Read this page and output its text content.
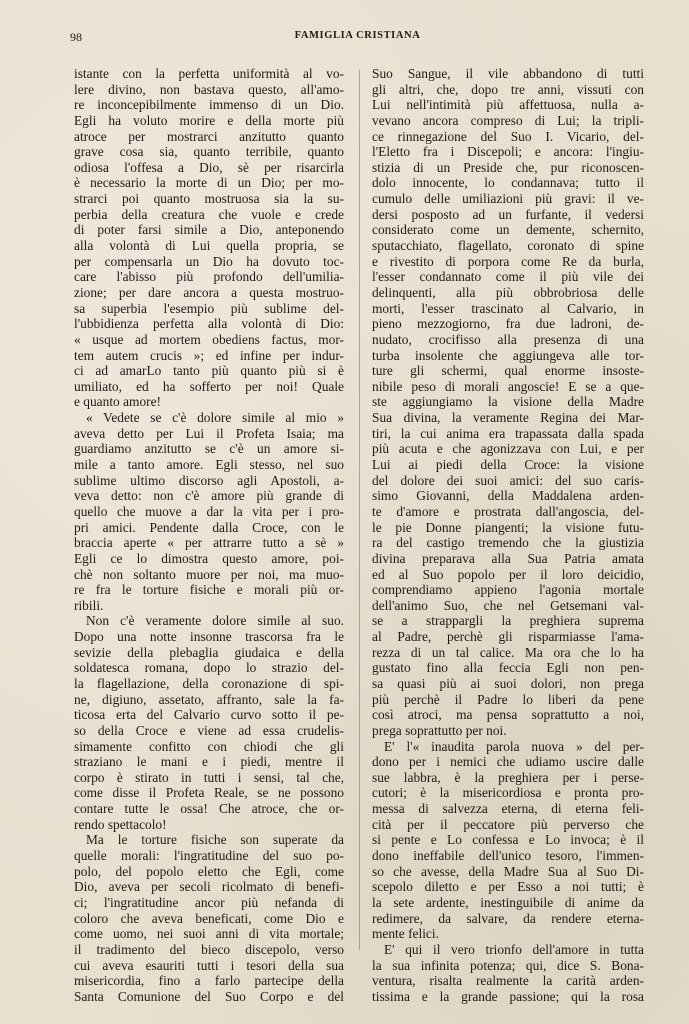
98	FAMIGLIA CRISTIANA
istante con la perfetta uniformità al vo-
lere divino, non bastava questo, all'amo-
re inconcepibilmente immenso di un Dio.
Egli ha voluto morire e della morte più
atroce per mostrarci anzitutto quanto
grave cosa sia, quanto terribile, quanto
odiosa l'offesa a Dio, sè per risarcirla
è necessario la morte di un Dio; per mo-
strarci poi quanto mostruosa sia la su-
perbia della creatura che vuole e crede
di poter farsi simile a Dio, anteponendo
alla volontà di Lui quella propria, se
per compensarla un Dio ha dovuto toc-
care l'abisso più profondo dell'umilia-
zione; per dare ancora a questa mostruo-
sa superbia l'esempio più sublime del-
l'ubbidienza perfetta alla volontà di Dio:
« usque ad mortem obediens factus, mor-
tem autem crucis »; ed infine per indur-
ci ad amarLo tanto più quanto più si è
umiliato, ed ha sofferto per noi! Quale
e quanto amore!
« Vedete se c'è dolore simile al mio »
aveva detto per Lui il Profeta Isaia; ma
guardiamo anzitutto se c'è un amore si-
mile a tanto amore. Egli stesso, nel suo
sublime ultimo discorso agli Apostoli, a-
veva detto: non c'è amore più grande di
quello che muove a dar la vita per i pro-
pri amici. Pendente dalla Croce, con le
braccia aperte « per attrarre tutto a sè »
Egli ce lo dimostra questo amore, poi-
chè non soltanto muore per noi, ma muo-
re fra le torture fisiche e morali più or-
ribili.
Non c'è veramente dolore simile al suo.
Dopo una notte insonne trascorsa fra le
sevizie della plebaglia giudaica e della
soldatesca romana, dopo lo strazio del-
la flagellazione, della coronazione di spi-
ne, digiuno, assetato, affranto, sale la fa-
ticosa erta del Calvario curvo sotto il pe-
so della Croce e viene ad essa crudelis-
simamente confitto con chiodi che gli
straziano le mani e i piedi, mentre il
corpo è stirato in tutti i sensi, tal che,
come disse il Profeta Reale, se ne possono
contare tutte le ossa! Che atroce, che or-
rendo spettacolo!
Ma le torture fisiche son superate da
quelle morali: l'ingratitudine del suo po-
polo, del popolo eletto che Egli, come
Dio, aveva per secoli ricolmato di benefi-
ci; l'ingratitudine ancor più nefanda di
coloro che aveva beneficati, come Dio e
come uomo, nei suoi anni di vita mortale;
il tradimento del bieco discepolo, verso
cui aveva esauriti tutti i tesori della sua
misericordia, fino a farlo partecipe della
Santa Comunione del Suo Corpo e del
Suo Sangue, il vile abbandono di tutti
gli altri, che, dopo tre anni, vissuti con
Lui nell'intimità più affettuosa, nulla a-
vevano ancora compreso di Lui; la tripli-
ce rinnegazione del Suo I. Vicario, del-
l'Eletto fra i Discepoli; e ancora: l'ingiu-
stizia di un Preside che, pur riconoscen-
dolo innocente, lo condannava; tutto il
cumulo delle umiliazioni più gravi: il ve-
dersi posposto ad un furfante, il vedersi
considerato come un demente, schernito,
sputacchiato, flagellato, coronato di spine
e rivestito di porpora come Re da burla,
l'esser condannato come il più vile dei
delinquenti, alla più obbrobriosa delle
morti, l'esser trascinato al Calvario, in
pieno mezzogiorno, fra due ladroni, de-
nudato, crocifisso alla presenza di una
turba insolente che aggiungeva alle tor-
ture gli schermi, qual enorme insoste-
nibile peso di morali angoscie! E se a que-
ste aggiungiamo la visione della Madre
Sua divina, la veramente Regina dei Mar-
tiri, la cui anima era trapassata dalla spada
più acuta e che agonizzava con Lui, e per
Lui ai piedi della Croce: la visione
del dolore dei suoi amici: del suo caris-
simo Giovanni, della Maddalena arden-
te d'amore e prostrata dall'angoscia, del-
le pie Donne piangenti; la visione futu-
ra del castigo tremendo che la giustizia
divina preparava alla Sua Patria amata
ed al Suo popolo per il loro deicidio,
comprendiamo appieno l'agonia mortale
dell'animo Suo, che nel Getsemani val-
se a strappargli la preghiera suprema
al Padre, perchè gli risparmiasse l'ama-
rezza di un tal calice. Ma ora che lo ha
gustato fino alla feccia Egli non pen-
sa quasi più ai suoi dolori, non prega
più perchè il Padre lo liberi da pene
così atroci, ma pensa soprattutto a noi,
prega soprattutto per noi.
E' l'« inaudita parola nuova » del per-
dono per i nemici che udiamo uscire dalle
sue labbra, è la preghiera per i perse-
cutori; è la misericordiosa e pronta pro-
messa di salvezza eterna, di eterna feli-
cità per il peccatore più perverso che
si pente e Lo confessa e Lo invoca; è il
dono ineffabile dell'unico tesoro, l'immen-
so che avesse, della Madre Sua al Suo Di-
scepolo diletto e per Esso a noi tutti; è
la sete ardente, inestinguibile di anime da
redimere, da salvare, da rendere eterna-
mente felici.
E' qui il vero trionfo dell'amore in tutta
la sua infinita potenza; qui, dice S. Bona-
ventura, risalta realmente la carità arden-
tissima e la grande passione; qui la rosa
